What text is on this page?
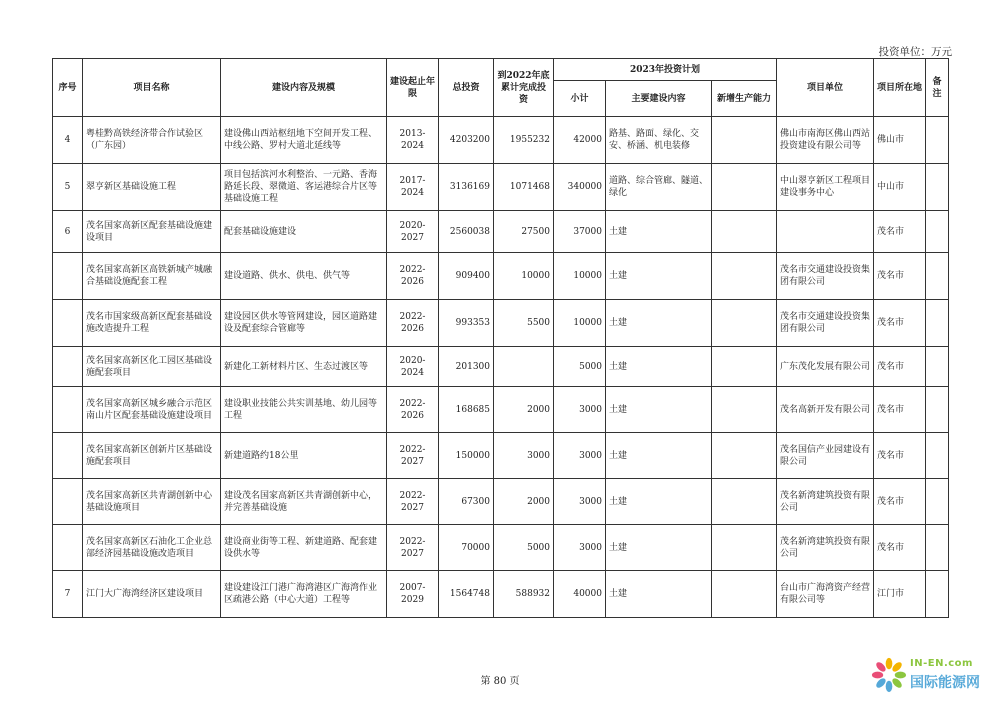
投资单位：万元
序号	项目名称	建设内容及规模	建设起止年限	总投资	到2022年底累计完成投资	2023年投资计划			项目单位	项目所在地	备注
						小计	主要建设内容	新增生产能力			
4	粤桂黔高铁经济带合作试验区（广东园）	建设佛山西站枢纽地下空间开发工程、中线公路、罗村大道北延线等	2013-2024	4203200	1955232	42000	路基、路面、绿化、交安、桥涵、机电装修		佛山市南海区佛山西站投资建设有限公司等	佛山市	
5	翠亨新区基础设施工程	项目包括滨河水利整治、一元路、香海路延长段、翠微道、客运港综合片区等基础设施工程	2017-2024	3136169	1071468	340000	道路、综合管廊、隧道、绿化		中山翠亨新区工程项目建设事务中心	中山市	
6	茂名国家高新区配套基础设施建设项目	配套基础设施建设	2020-2027	2560038	27500	37000	土建			茂名市	
	茂名国家高新区高铁新城产城融合基础设施配套工程	建设道路、供水、供电、供气等	2022-2026	909400	10000	10000	土建		茂名市交通建设投资集团有限公司	茂名市	
	茂名市国家级高新区配套基础设施改造提升工程	建设园区供水等管网建设，园区道路建设及配套综合管廊等	2022-2026	993353	5500	10000	土建		茂名市交通建设投资集团有限公司	茂名市	
	茂名国家高新区化工园区基础设施配套项目	新建化工新材料片区、生态过渡区等	2020-2024	201300		5000	土建		广东茂化发展有限公司	茂名市	
	茂名国家高新区城乡融合示范区南山片区配套基础设施建设项目	建设职业技能公共实训基地、幼儿园等工程	2022-2026	168685	2000	3000	土建		茂名高新开发有限公司	茂名市	
	茂名国家高新区创新片区基础设施配套项目	新建道路约18公里	2022-2027	150000	3000	3000	土建		茂名国信产业园建设有限公司	茂名市	
	茂名国家高新区共青湖创新中心基础设施项目	建设茂名国家高新区共青湖创新中心，并完善基础设施	2022-2027	67300	2000	3000	土建		茂名新湾建筑投资有限公司	茂名市	
	茂名国家高新区石油化工企业总部经济园基础设施改造项目	建设商业街等工程、新建道路、配套建设供水等	2022-2027	70000	5000	3000	土建		茂名新湾建筑投资有限公司	茂名市	
7	江门大广海湾经济区建设项目	建设建设江门港广海湾港区广海湾作业区疏港公路（中心大道）工程等	2007-2029	1564748	588932	40000	土建		台山市广海湾资产经营有限公司等	江门市	
第 80 页
IN-EN.com
国际能源网
